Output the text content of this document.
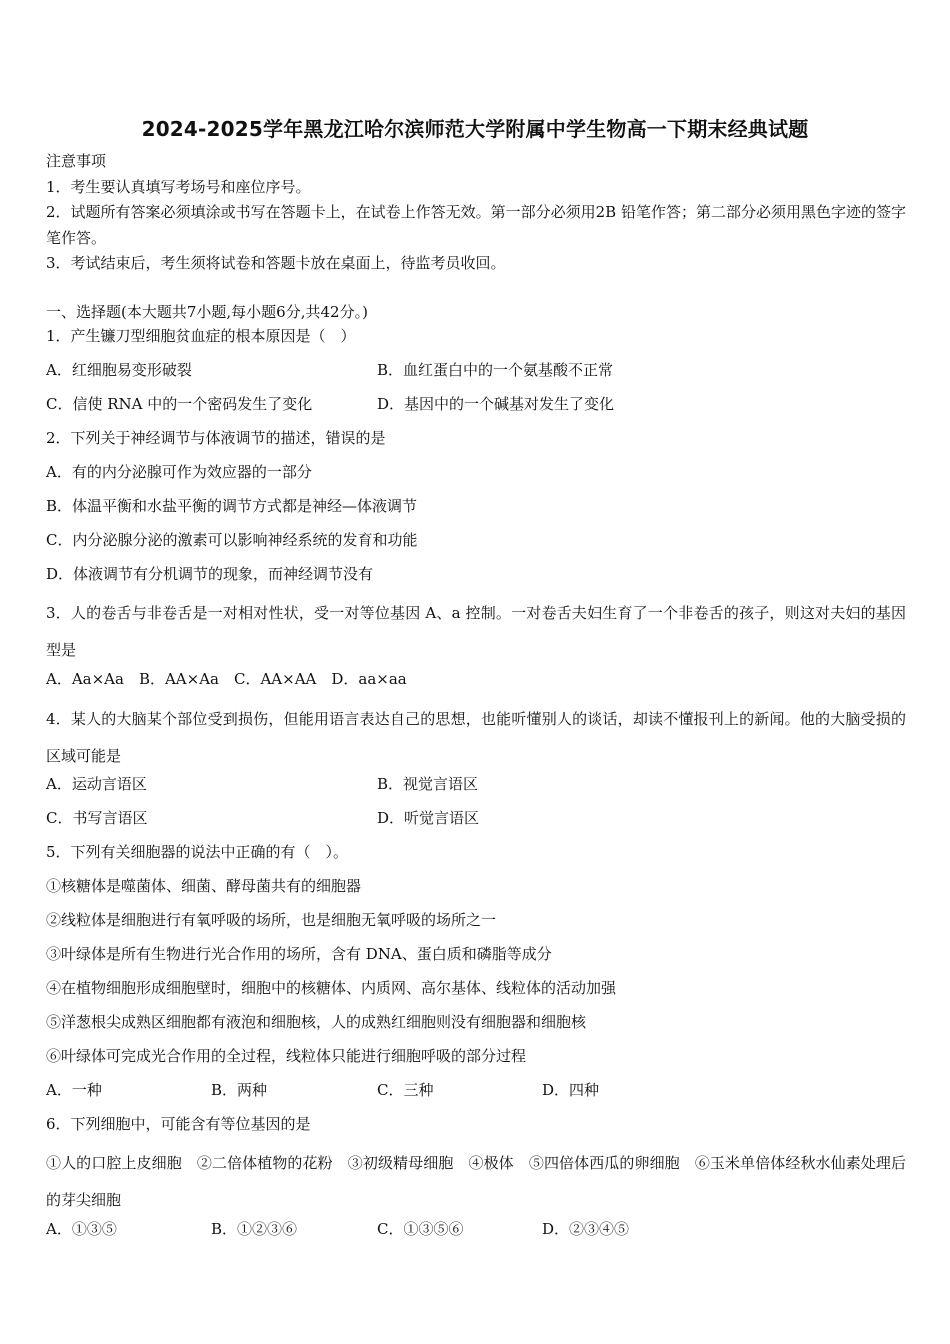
2024-2025学年黑龙江哈尔滨师范大学附属中学生物高一下期末经典试题
注意事项
1．考生要认真填写考场号和座位序号。
2．试题所有答案必须填涂或书写在答题卡上，在试卷上作答无效。第一部分必须用2B 铅笔作答；第二部分必须用黑色字迹的签字笔作答。
3．考试结束后，考生须将试卷和答题卡放在桌面上，待监考员收回。
一、选择题(本大题共7小题,每小题6分,共42分。)
1．产生镰刀型细胞贫血症的根本原因是（　）
A．红细胞易变形破裂	B．血红蛋白中的一个氨基酸不正常
C．信使 RNA 中的一个密码发生了变化	D．基因中的一个碱基对发生了变化
2．下列关于神经调节与体液调节的描述，错误的是
A．有的内分泌腺可作为效应器的一部分
B．体温平衡和水盐平衡的调节方式都是神经—体液调节
C．内分泌腺分泌的激素可以影响神经系统的发育和功能
D．体液调节有分机调节的现象，而神经调节没有
3．人的卷舌与非卷舌是一对相对性状，受一对等位基因 A、a 控制。一对卷舌夫妇生育了一个非卷舌的孩子，则这对夫妇的基因型是
A．Aa×Aa　B．AA×Aa　C．AA×AA　D．aa×aa
4．某人的大脑某个部位受到损伤，但能用语言表达自己的思想，也能听懂别人的谈话，却读不懂报刊上的新闻。他的大脑受损的区域可能是
A．运动言语区	B．视觉言语区
C．书写言语区	D．听觉言语区
5．下列有关细胞器的说法中正确的有（　）。
①核糖体是噬菌体、细菌、酵母菌共有的细胞器
②线粒体是细胞进行有氧呼吸的场所，也是细胞无氧呼吸的场所之一
③叶绿体是所有生物进行光合作用的场所，含有 DNA、蛋白质和磷脂等成分
④在植物细胞形成细胞壁时，细胞中的核糖体、内质网、高尔基体、线粒体的活动加强
⑤洋葱根尖成熟区细胞都有液泡和细胞核，人的成熟红细胞则没有细胞器和细胞核
⑥叶绿体可完成光合作用的全过程，线粒体只能进行细胞呼吸的部分过程
A．一种	B．两种	C．三种	D．四种
6．下列细胞中，可能含有等位基因的是
①人的口腔上皮细胞　②二倍体植物的花粉　③初级精母细胞　④极体　⑤四倍体西瓜的卵细胞　⑥玉米单倍体经秋水仙素处理后的芽尖细胞
A．①③⑤	B．①②③⑥	C．①③⑤⑥	D．②③④⑤
